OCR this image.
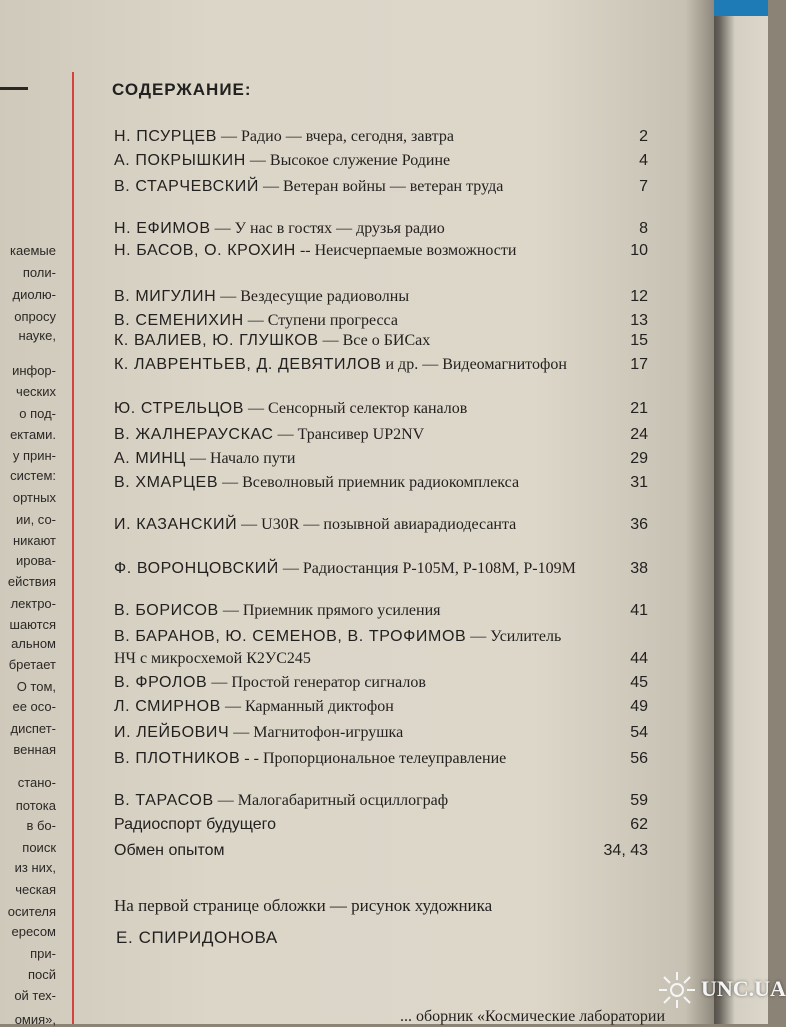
каемые
поли-
диолю-
опросу
науке,
инфор-
ческих
о под-
ектами.
у прин-
систем:
ортных
ии, со-
никают
ирова-
ействия
лектро-
шаются
альном
бретает
О том,
ее осо-
диспет-
венная
стано-
потока
в бо-
поиск
из них,
ческая
осителя
ересом
при-
посй
ой тех-
омия»,
СОДЕРЖАНИЕ:
Н. ПСУРЦЕВ — Радио — вчера, сегодня, завтра	2
А. ПОКРЫШКИН — Высокое служение Родине	4
В. СТАРЧЕВСКИЙ — Ветеран войны — ветеран труда	7
Н. ЕФИМОВ — У нас в гостях — друзья радио	8
Н. БАСОВ, О. КРОХИН -- Неисчерпаемые возможности	10
В. МИГУЛИН — Вездесущие радиоволны	12
В. СЕМЕНИХИН — Ступени прогресса	13
К. ВАЛИЕВ, Ю. ГЛУШКОВ — Все о БИСах	15
К. ЛАВРЕНТЬЕВ, Д. ДЕВЯТИЛОВ и др. — Видеомагнитофон	17
Ю. СТРЕЛЬЦОВ — Сенсорный селектор каналов	21
В. ЖАЛНЕРАУСКАС — Трансивер UP2NV	24
А. МИНЦ — Начало пути	29
В. ХМАРЦЕВ — Всеволновый приемник радиокомплекса	31
И. КАЗАНСКИЙ — U30R — позывной авиарадиодесанта	36
Ф. ВОРОНЦОВСКИЙ — Радиостанция Р-105М, Р-108М, Р-109М	38
В. БОРИСОВ — Приемник прямого усиления	41
В. БАРАНОВ, Ю. СЕМЕНОВ, В. ТРОФИМОВ — Усилитель НЧ с микросхемой К2УС245	44
В. ФРОЛОВ — Простой генератор сигналов	45
Л. СМИРНОВ — Карманный диктофон	49
И. ЛЕЙБОВИЧ — Магнитофон-игрушка	54
В. ПЛОТНИКОВ - - Пропорциональное телеуправление	56
В. ТАРАСОВ — Малогабаритный осциллограф	59
Радиоспорт будущего	62
Обмен опытом	34, 43
На первой странице обложки — рисунок художника
Е. СПИРИДОНОВА
... оборник «Космические лаборатории
UNC.UA
